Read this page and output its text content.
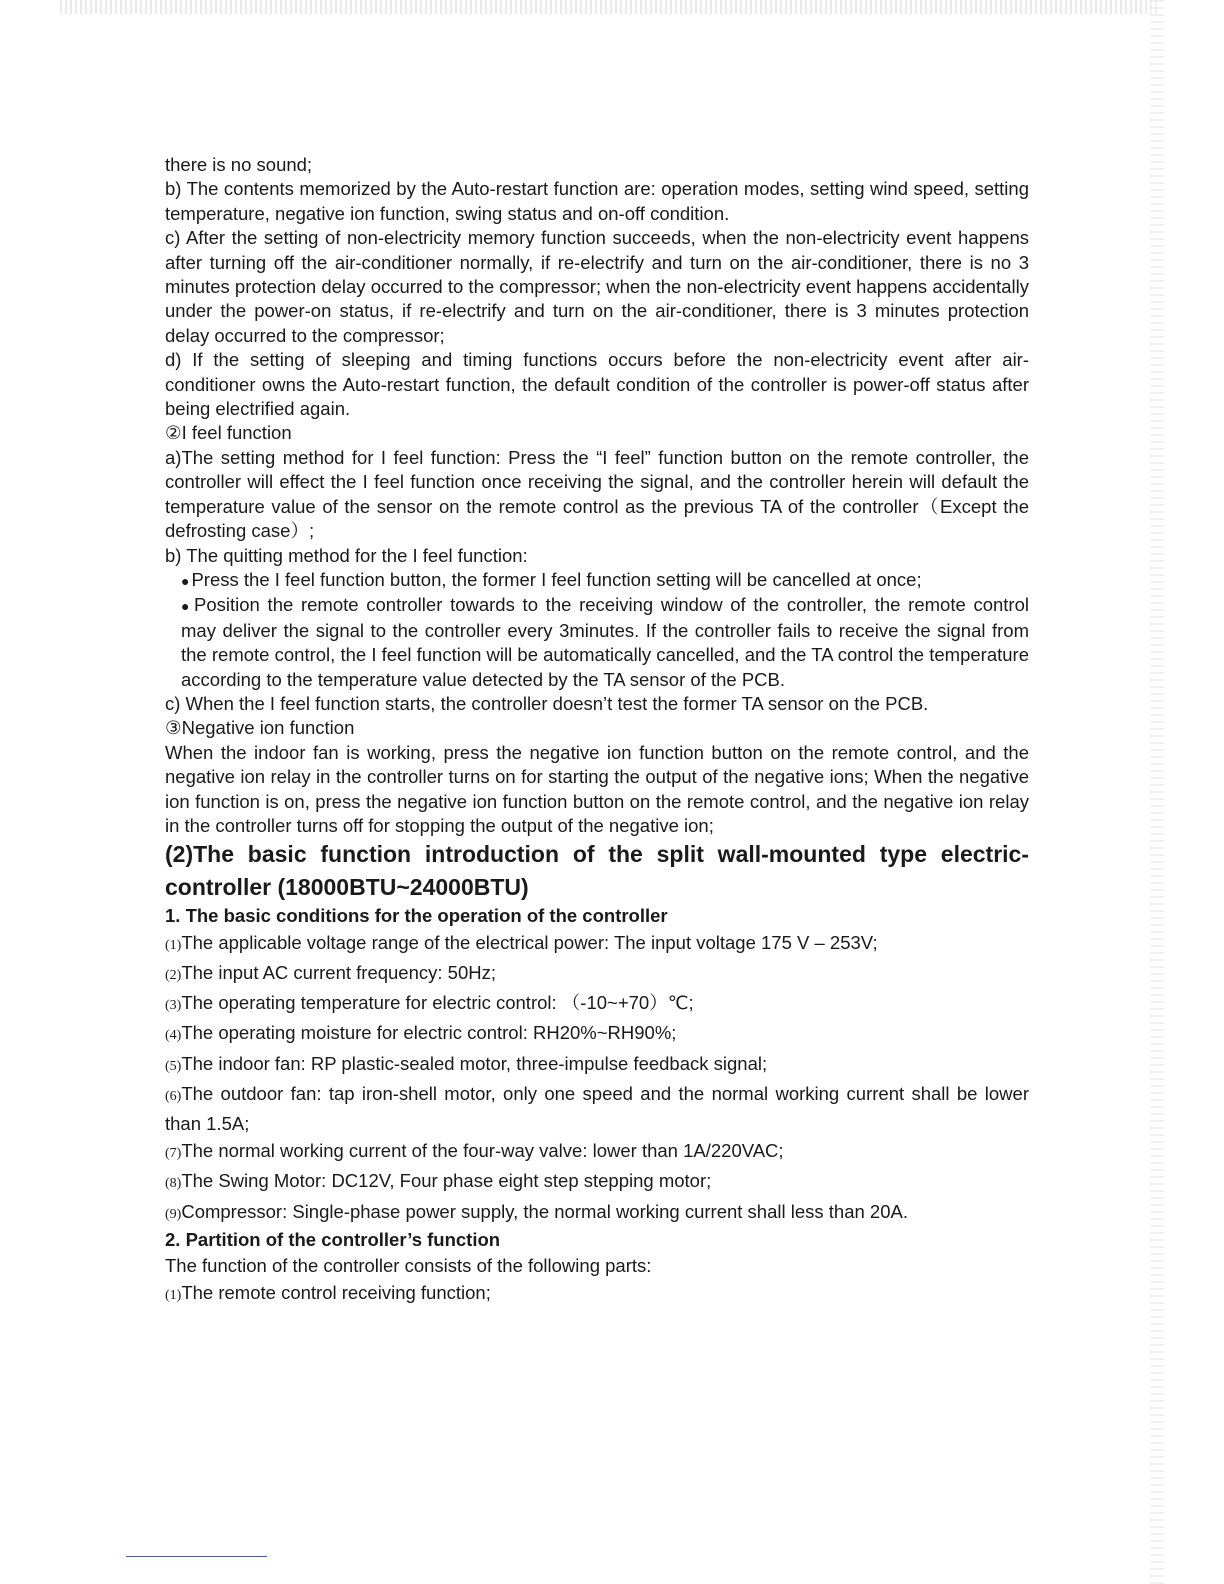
there is no sound;

b) The contents memorized by the Auto-restart function are: operation modes, setting wind speed, setting temperature, negative ion function, swing status and on-off condition.

c) After the setting of non-electricity memory function succeeds, when the non-electricity event happens after turning off the air-conditioner normally, if re-electrify and turn on the air-conditioner, there is no 3 minutes protection delay occurred to the compressor; when the non-electricity event happens accidentally under the power-on status, if re-electrify and turn on the air-conditioner, there is 3 minutes protection delay occurred to the compressor;

d) If the setting of sleeping and timing functions occurs before the non-electricity event after air-conditioner owns the Auto-restart function, the default condition of the controller is power-off status after being electrified again.

②I feel function

a)The setting method for I feel function: Press the “I feel” function button on the remote controller, the controller will effect the I feel function once receiving the signal, and the controller herein will default the temperature value of the sensor on the remote control as the previous TA of the controller（Except the defrosting case）;

b) The quitting method for the I feel function:

● Press the I feel function button, the former I feel function setting will be cancelled at once;

● Position the remote controller towards to the receiving window of the controller, the remote control may deliver the signal to the controller every 3minutes. If the controller fails to receive the signal from the remote control, the I feel function will be automatically cancelled, and the TA control the temperature according to the temperature value detected by the TA sensor of the PCB.

c) When the I feel function starts, the controller doesn’t test the former TA sensor on the PCB.

③Negative ion function

When the indoor fan is working, press the negative ion function button on the remote control, and the negative ion relay in the controller turns on for starting the output of the negative ions; When the negative ion function is on, press the negative ion function button on the remote control, and the negative ion relay in the controller turns off for stopping the output of the negative ion;

(2)The basic function introduction of the split wall-mounted type electric-controller (18000BTU~24000BTU)

1. The basic conditions for the operation of the controller

(1)The applicable voltage range of the electrical power: The input voltage 175 V – 253V;

(2)The input AC current frequency: 50Hz;

(3)The operating temperature for electric control: （-10~+70）℃;

(4)The operating moisture for electric control: RH20%~RH90%;

(5)The indoor fan: RP plastic-sealed motor, three-impulse feedback signal;

(6)The outdoor fan: tap iron-shell motor, only one speed and the normal working current shall be lower than 1.5A;

(7)The normal working current of the four-way valve: lower than 1A/220VAC;

(8)The Swing Motor: DC12V, Four phase eight step stepping motor;

(9)Compressor: Single-phase power supply, the normal working current shall less than 20A.

2. Partition of the controller’s function

The function of the controller consists of the following parts:

(1)The remote control receiving function;
